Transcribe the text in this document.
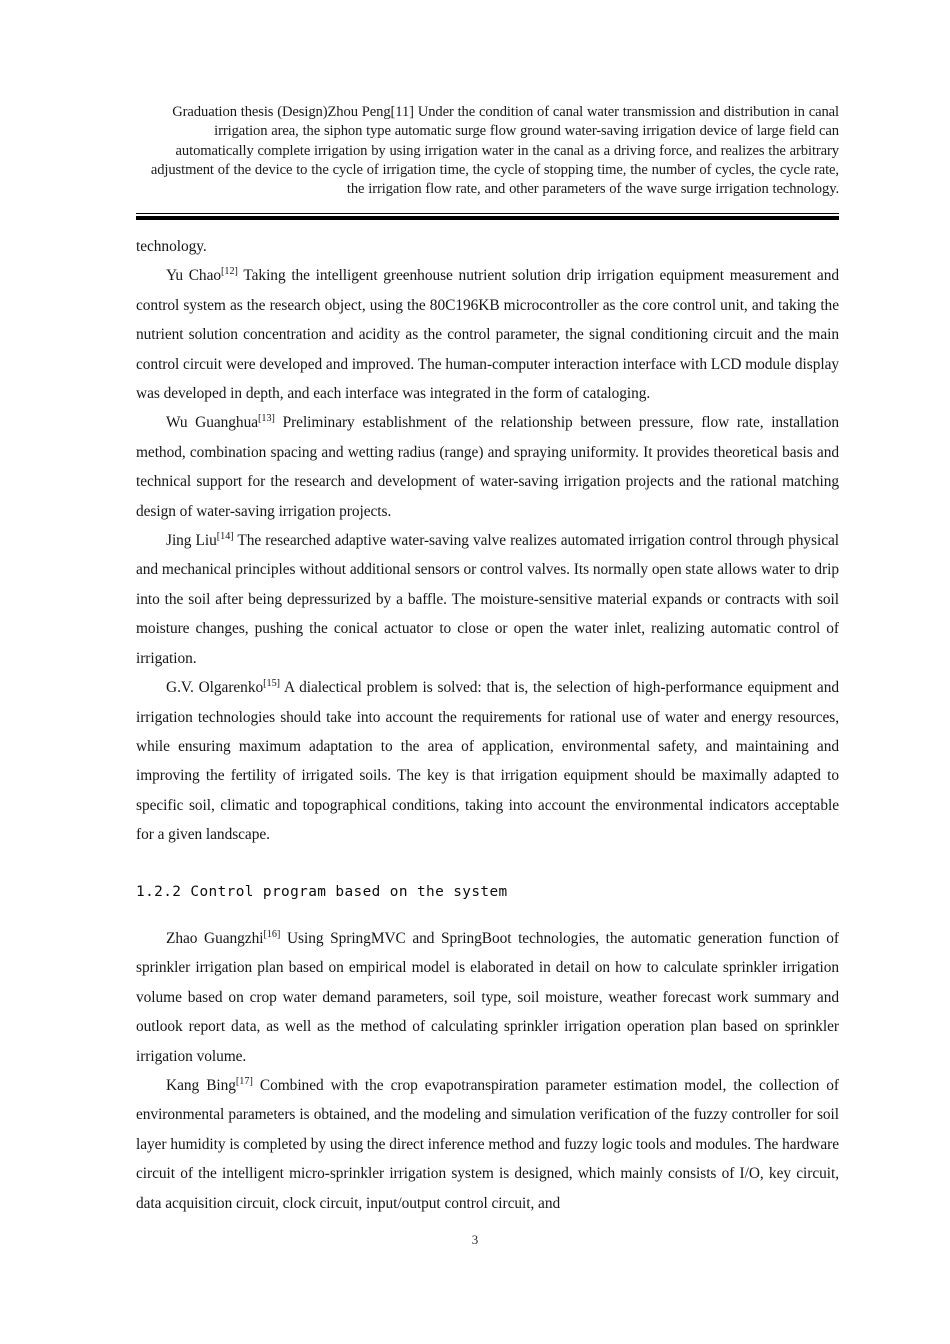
Graduation thesis (Design)Zhou Peng[11] Under the condition of canal water transmission and distribution in canal irrigation area, the siphon type automatic surge flow ground water-saving irrigation device of large field can automatically complete irrigation by using irrigation water in the canal as a driving force, and realizes the arbitrary adjustment of the device to the cycle of irrigation time, the cycle of stopping time, the number of cycles, the cycle rate, the irrigation flow rate, and other parameters of the wave surge irrigation technology.

technology.

Yu Chao[12] Taking the intelligent greenhouse nutrient solution drip irrigation equipment measurement and control system as the research object, using the 80C196KB microcontroller as the core control unit, and taking the nutrient solution concentration and acidity as the control parameter, the signal conditioning circuit and the main control circuit were developed and improved. The human-computer interaction interface with LCD module display was developed in depth, and each interface was integrated in the form of cataloging.

Wu Guanghua[13] Preliminary establishment of the relationship between pressure, flow rate, installation method, combination spacing and wetting radius (range) and spraying uniformity. It provides theoretical basis and technical support for the research and development of water-saving irrigation projects and the rational matching design of water-saving irrigation projects.

Jing Liu[14] The researched adaptive water-saving valve realizes automated irrigation control through physical and mechanical principles without additional sensors or control valves. Its normally open state allows water to drip into the soil after being depressurized by a baffle. The moisture-sensitive material expands or contracts with soil moisture changes, pushing the conical actuator to close or open the water inlet, realizing automatic control of irrigation.

G.V. Olgarenko[15] A dialectical problem is solved: that is, the selection of high-performance equipment and irrigation technologies should take into account the requirements for rational use of water and energy resources, while ensuring maximum adaptation to the area of application, environmental safety, and maintaining and improving the fertility of irrigated soils. The key is that irrigation equipment should be maximally adapted to specific soil, climatic and topographical conditions, taking into account the environmental indicators acceptable for a given landscape.

1.2.2 Control program based on the system

Zhao Guangzhi[16] Using SpringMVC and SpringBoot technologies, the automatic generation function of sprinkler irrigation plan based on empirical model is elaborated in detail on how to calculate sprinkler irrigation volume based on crop water demand parameters, soil type, soil moisture, weather forecast work summary and outlook report data, as well as the method of calculating sprinkler irrigation operation plan based on sprinkler irrigation volume.

Kang Bing[17] Combined with the crop evapotranspiration parameter estimation model, the collection of environmental parameters is obtained, and the modeling and simulation verification of the fuzzy controller for soil layer humidity is completed by using the direct inference method and fuzzy logic tools and modules. The hardware circuit of the intelligent micro-sprinkler irrigation system is designed, which mainly consists of I/O, key circuit, data acquisition circuit, clock circuit, input/output control circuit, and

3
